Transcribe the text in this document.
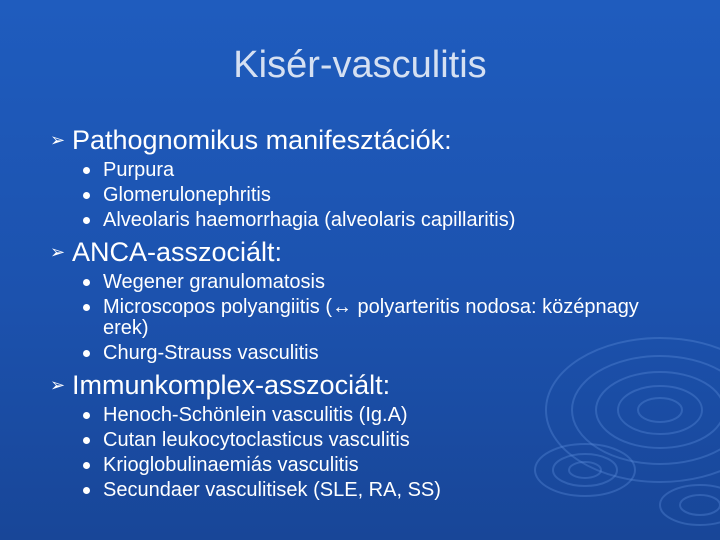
Kisér-vasculitis
➢ Pathognomikus manifesztációk:
Purpura
Glomerulonephritis
Alveolaris haemorrhagia (alveolaris capillaritis)
➢ ANCA-asszociált:
Wegener granulomatosis
Microscopos polyangiitis (↔ polyarteritis nodosa: középnagy erek)
Churg-Strauss vasculitis
➢ Immunkomplex-asszociált:
Henoch-Schönlein vasculitis (Ig.A)
Cutan leukocytoclasticus vasculitis
Krioglobulinaemiás vasculitis
Secundaer vasculitisek (SLE, RA, SS)
